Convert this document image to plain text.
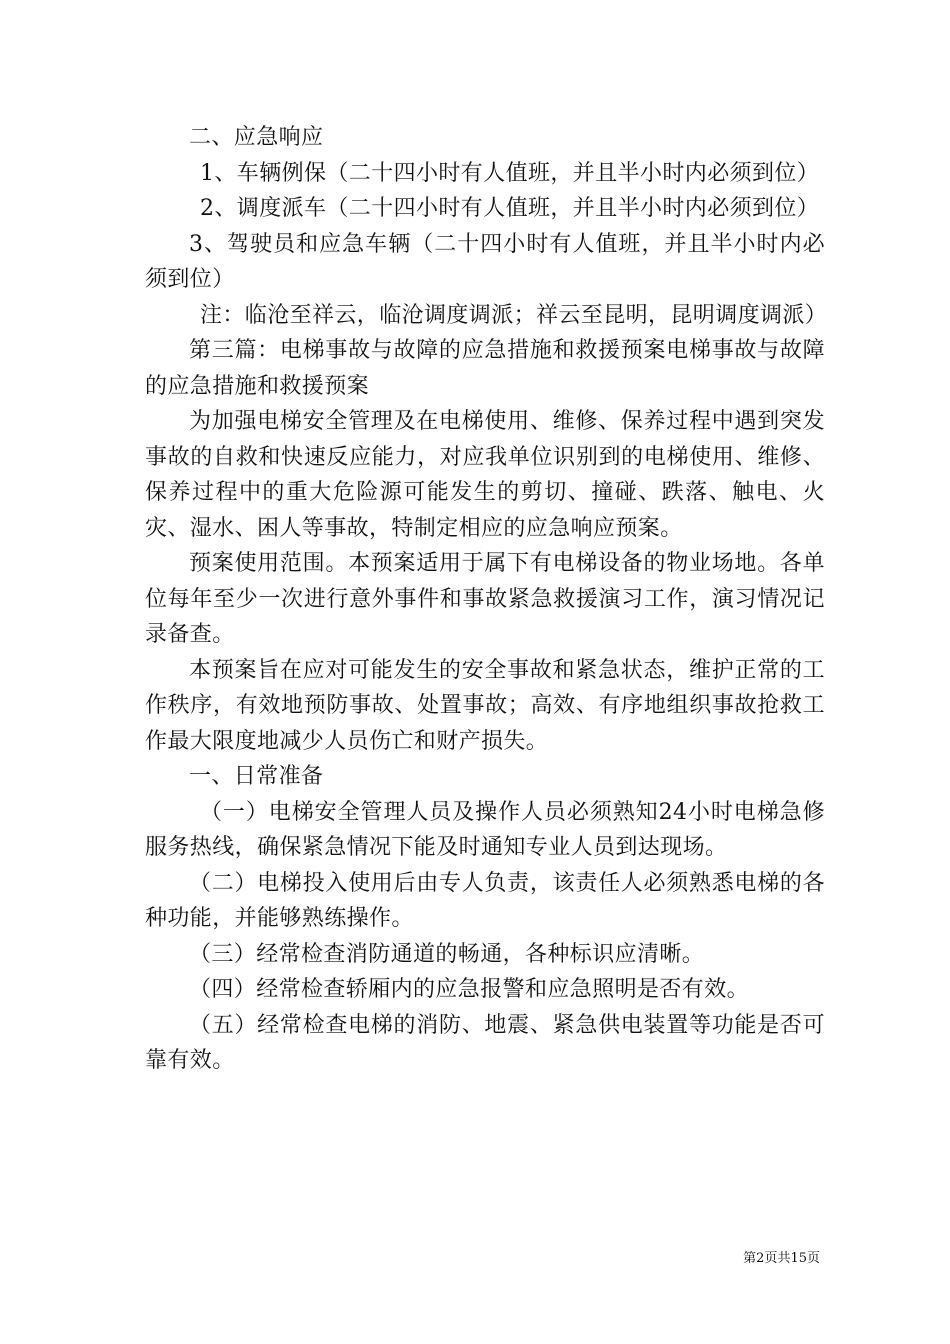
二、应急响应

1、车辆例保（二十四小时有人值班，并且半小时内必须到位）

2、调度派车（二十四小时有人值班，并且半小时内必须到位）

3、驾驶员和应急车辆（二十四小时有人值班，并且半小时内必须到位）

注：临沧至祥云，临沧调度调派；祥云至昆明，昆明调度调派）

第三篇：电梯事故与故障的应急措施和救援预案电梯事故与故障的应急措施和救援预案

为加强电梯安全管理及在电梯使用、维修、保养过程中遇到突发事故的自救和快速反应能力，对应我单位识别到的电梯使用、维修、保养过程中的重大危险源可能发生的剪切、撞碰、跌落、触电、火灾、湿水、困人等事故，特制定相应的应急响应预案。

预案使用范围。本预案适用于属下有电梯设备的物业场地。各单位每年至少一次进行意外事件和事故紧急救援演习工作，演习情况记录备查。

本预案旨在应对可能发生的安全事故和紧急状态，维护正常的工作秩序，有效地预防事故、处置事故；高效、有序地组织事故抢救工作最大限度地减少人员伤亡和财产损失。

一、日常准备

（一）电梯安全管理人员及操作人员必须熟知24小时电梯急修服务热线，确保紧急情况下能及时通知专业人员到达现场。

（二）电梯投入使用后由专人负责，该责任人必须熟悉电梯的各种功能，并能够熟练操作。

（三）经常检查消防通道的畅通，各种标识应清晰。

（四）经常检查轿厢内的应急报警和应急照明是否有效。

（五）经常检查电梯的消防、地震、紧急供电装置等功能是否可靠有效。

第2页共15页
